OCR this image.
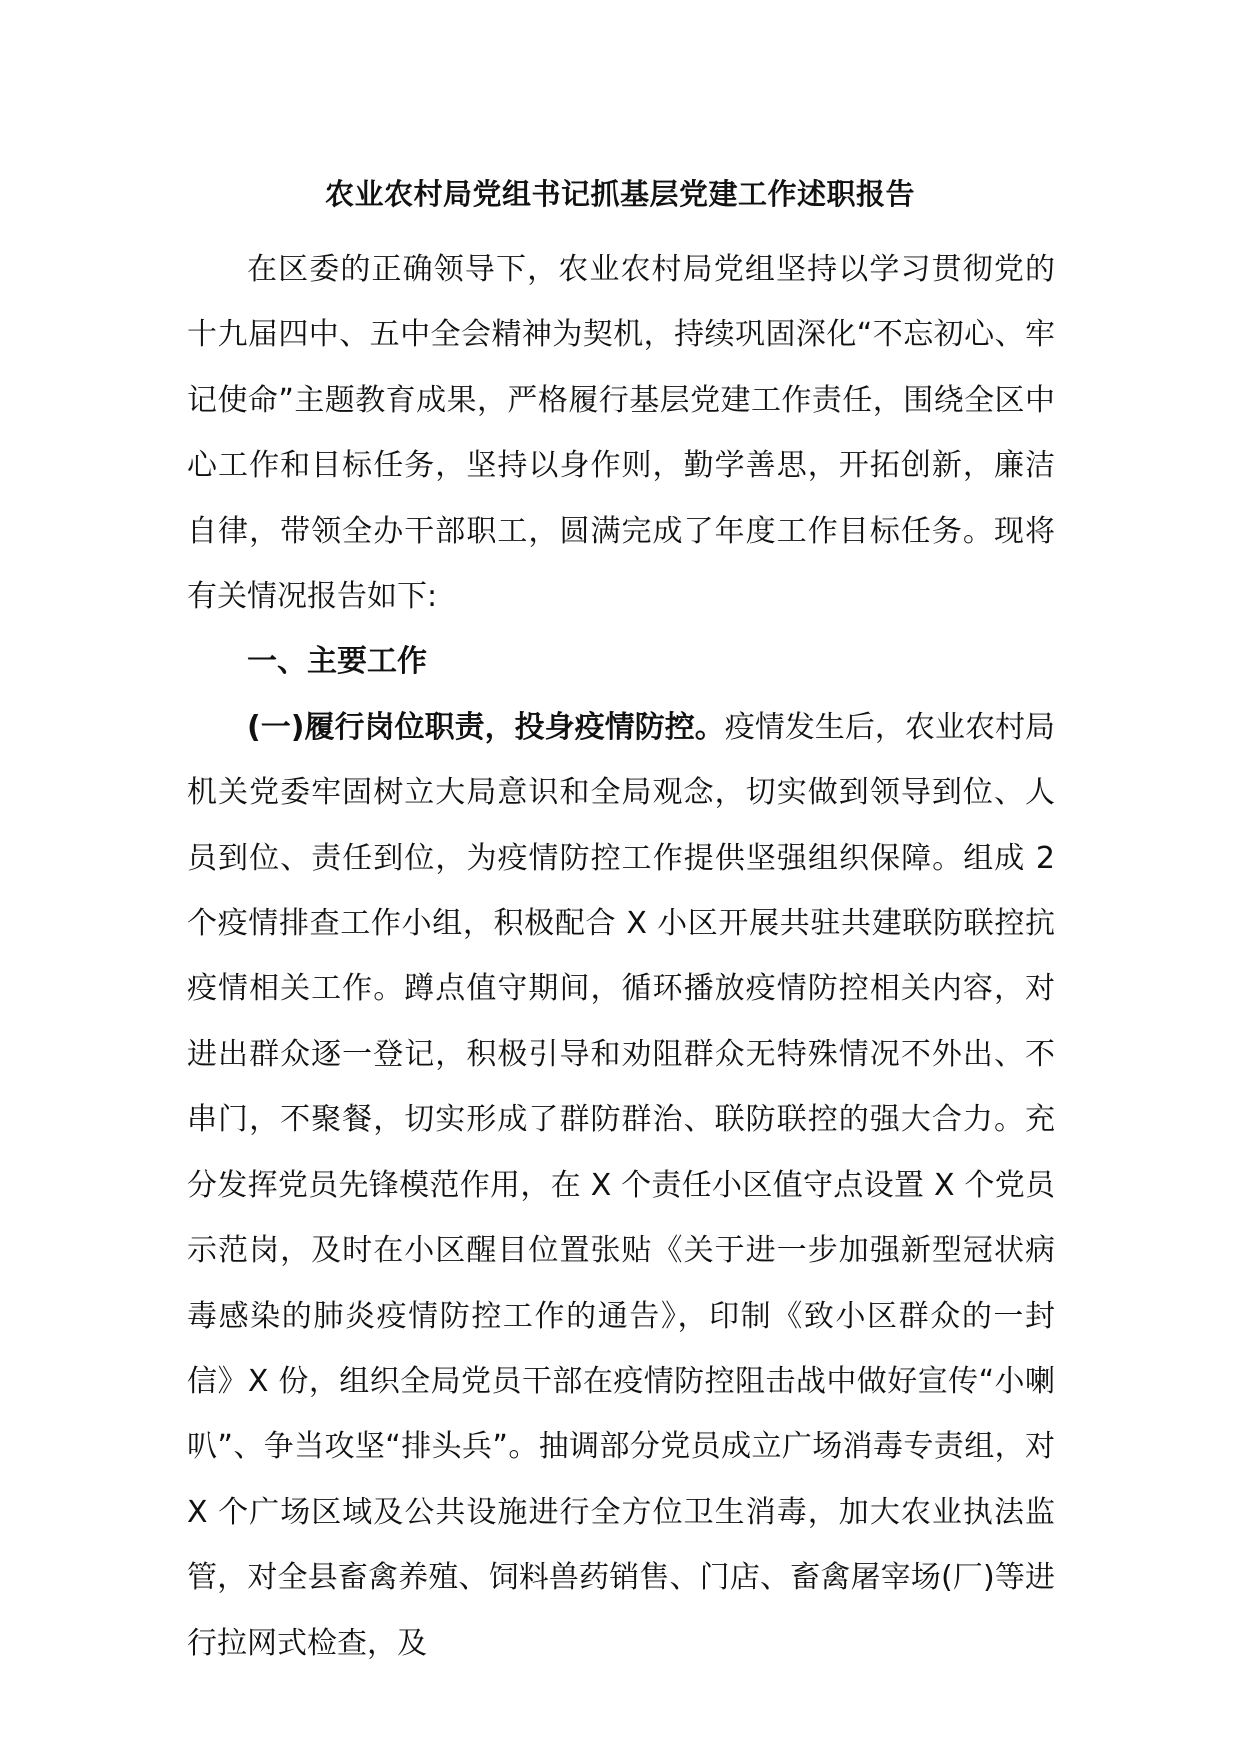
农业农村局党组书记抓基层党建工作述职报告

在区委的正确领导下，农业农村局党组坚持以学习贯彻党的十九届四中、五中全会精神为契机，持续巩固深化“不忘初心、牢记使命”主题教育成果，严格履行基层党建工作责任，围绕全区中心工作和目标任务，坚持以身作则，勤学善思，开拓创新，廉洁自律，带领全办干部职工，圆满完成了年度工作目标任务。现将有关情况报告如下:

一、主要工作

(一)履行岗位职责，投身疫情防控。疫情发生后，农业农村局机关党委牢固树立大局意识和全局观念，切实做到领导到位、人员到位、责任到位，为疫情防控工作提供坚强组织保障。组成 2 个疫情排查工作小组，积极配合 X 小区开展共驻共建联防联控抗疫情相关工作。蹲点值守期间，循环播放疫情防控相关内容，对进出群众逐一登记，积极引导和劝阻群众无特殊情况不外出、不串门，不聚餐，切实形成了群防群治、联防联控的强大合力。充分发挥党员先锋模范作用，在 X 个责任小区值守点设置 X 个党员示范岗，及时在小区醒目位置张贴《关于进一步加强新型冠状病毒感染的肺炎疫情防控工作的通告》，印制《致小区群众的一封信》X 份，组织全局党员干部在疫情防控阻击战中做好宣传“小喇叭”、争当攻坚“排头兵”。抽调部分党员成立广场消毒专责组，对 X 个广场区域及公共设施进行全方位卫生消毒，加大农业执法监管，对全县畜禽养殖、饲料兽药销售、门店、畜禽屠宰场(厂)等进行拉网式检查，及
